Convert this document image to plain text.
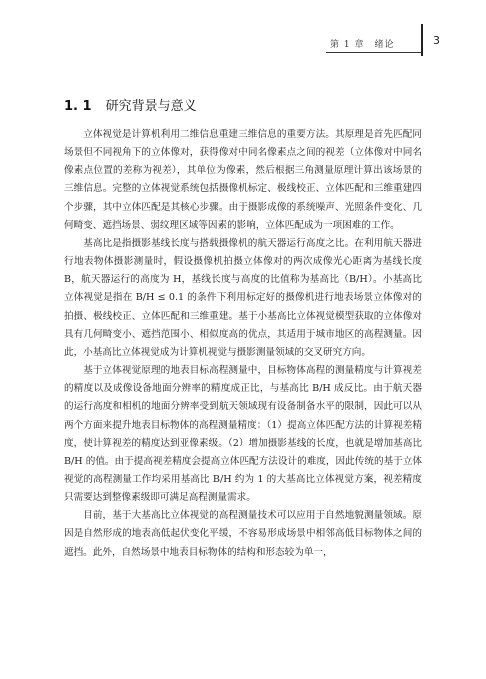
第 1 章　绪论	3
1. 1 研究背景与意义

立体视觉是计算机利用二维信息重建三维信息的重要方法。其原理是首先匹配同场景但不同视角下的立体像对，获得像对中同名像素点之间的视差（立体像对中同名像素点位置的差称为视差），其单位为像素，然后根据三角测量原理计算出该场景的三维信息。完整的立体视觉系统包括摄像机标定、极线校正、立体匹配和三维重建四个步骤，其中立体匹配是其核心步骤。由于摄影成像的系统噪声、光照条件变化、几何畸变、遮挡场景、弱纹理区域等因素的影响，立体匹配成为一项困难的工作。

基高比是指摄影基线长度与搭载摄像机的航天器运行高度之比。在利用航天器进行地表物体摄影测量时，假设摄像机拍摄立体像对的两次成像光心距离为基线长度 B，航天器运行的高度为 H，基线长度与高度的比值称为基高比（B/H）。小基高比立体视觉是指在 B/H ≤ 0.1 的条件下利用标定好的摄像机进行地表场景立体像对的拍摄、极线校正、立体匹配和三维重建。基于小基高比立体视觉模型获取的立体像对具有几何畸变小、遮挡范围小、相似度高的优点，其适用于城市地区的高程测量。因此，小基高比立体视觉成为计算机视觉与摄影测量领域的交叉研究方向。

基于立体视觉原理的地表目标高程测量中，目标物体高程的测量精度与计算视差的精度以及成像设备地面分辨率的精度成正比，与基高比 B/H 成反比。由于航天器的运行高度和相机的地面分辨率受到航天领域现有设备制备水平的限制，因此可以从两个方面来提升地表目标物体的高程测量精度：（1）提高立体匹配方法的计算视差精度，使计算视差的精度达到亚像素级。（2）增加摄影基线的长度，也就是增加基高比 B/H 的值。由于提高视差精度会提高立体匹配方法设计的难度，因此传统的基于立体视觉的高程测量工作均采用基高比 B/H 约为 1 的大基高比立体视觉方案，视差精度只需要达到整像素级即可满足高程测量需求。

目前，基于大基高比立体视觉的高程测量技术可以应用于自然地貌测量领域。原因是自然形成的地表高低起伏变化平缓，不容易形成场景中相邻高低目标物体之间的遮挡。此外，自然场景中地表目标物体的结构和形态较为单一，
